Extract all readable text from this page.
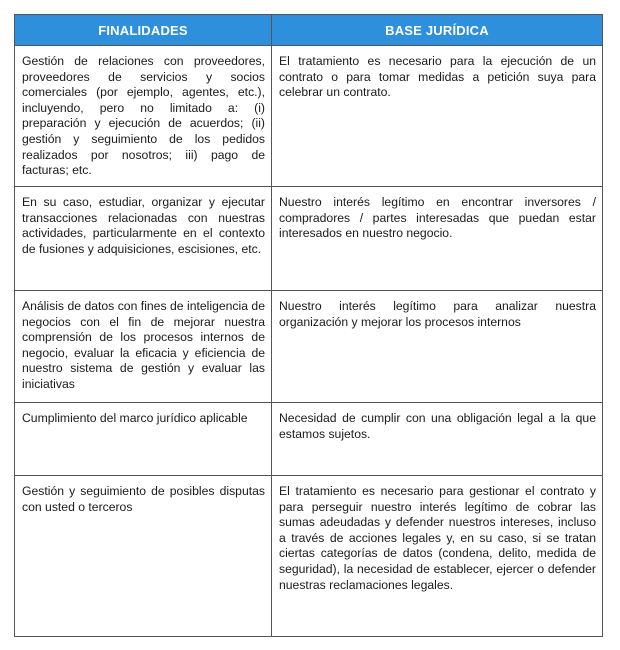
FINALIDADES	BASE JURÍDICA
Gestión de relaciones con proveedores, proveedores de servicios y socios comerciales (por ejemplo, agentes, etc.), incluyendo, pero no limitado a: (i) preparación y ejecución de acuerdos; (ii) gestión y seguimiento de los pedidos realizados por nosotros; iii) pago de facturas; etc.	El tratamiento es necesario para la ejecución de un contrato o para tomar medidas a petición suya para celebrar un contrato.
En su caso, estudiar, organizar y ejecutar transacciones relacionadas con nuestras actividades, particularmente en el contexto de fusiones y adquisiciones, escisiones, etc.	Nuestro interés legítimo en encontrar inversores / compradores / partes interesadas que puedan estar interesados en nuestro negocio.
Análisis de datos con fines de inteligencia de negocios con el fin de mejorar nuestra comprensión de los procesos internos de negocio, evaluar la eficacia y eficiencia de nuestro sistema de gestión y evaluar las iniciativas	Nuestro interés legítimo para analizar nuestra organización y mejorar los procesos internos
Cumplimiento del marco jurídico aplicable	Necesidad de cumplir con una obligación legal a la que estamos sujetos.
Gestión y seguimiento de posibles disputas con usted o terceros	El tratamiento es necesario para gestionar el contrato y para perseguir nuestro interés legítimo de cobrar las sumas adeudadas y defender nuestros intereses, incluso a través de acciones legales y, en su caso, si se tratan ciertas categorías de datos (condena, delito, medida de seguridad), la necesidad de establecer, ejercer o defender nuestras reclamaciones legales.
